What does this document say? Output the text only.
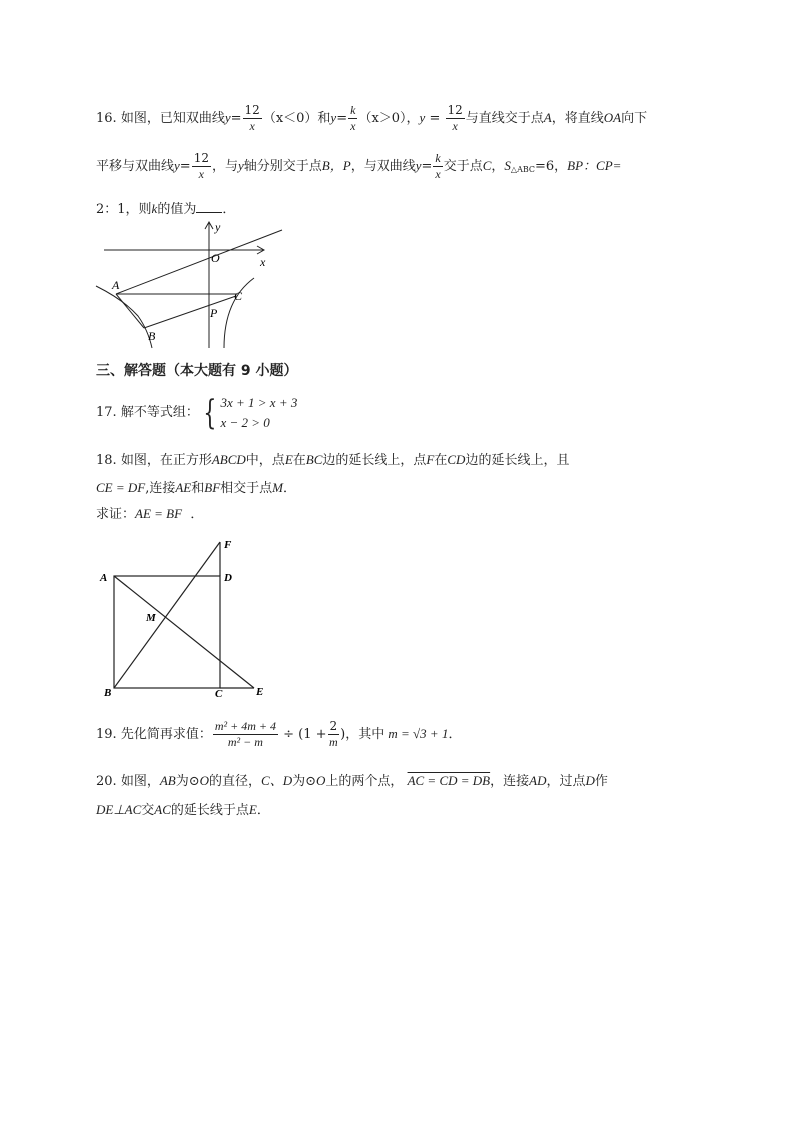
16. 如图，已知双曲线$y= \frac{12}{x} (x<0)$和$y= \frac{k}{x} (x>0)$，$y = \frac{12}{x}$ 与直线交于点A，将直线OA向下
平移与双曲线$y= \frac{12}{x}$ ，与y轴分别交于点B，P，与双曲线$y= \frac{k}{x}$ 交于点C，$S_{\triangle ABC}=6$，BP：CP=
2：1，则k的值为 ．
y
O	x
A
C
P
B
三、解答题（本大题有 9 小题）
17. 解不等式组： { 3x + 1 > x + 3
x − 2 > 0
18. 如图，在正方形ABCD中，点E在BC边的延长线上，点F在CD边的延长线上，且
CE = DF,连接AE和BF相交于点M．
求证：AE = BF ．
F
A	D
M
B	C	E
19. 先化简再求值： $\frac{\text{m² + 4m + 4}}{\text{m² − m}} \div (1 + \frac{2}{m}$ )，其中 m = √3 + 1．
20. 如图，AB为⊙O的直径，C、D为⊙O上的两个点， AC = CD = DB，连接AD，过点D作
DE⊥AC交AC的延长线于点E．
